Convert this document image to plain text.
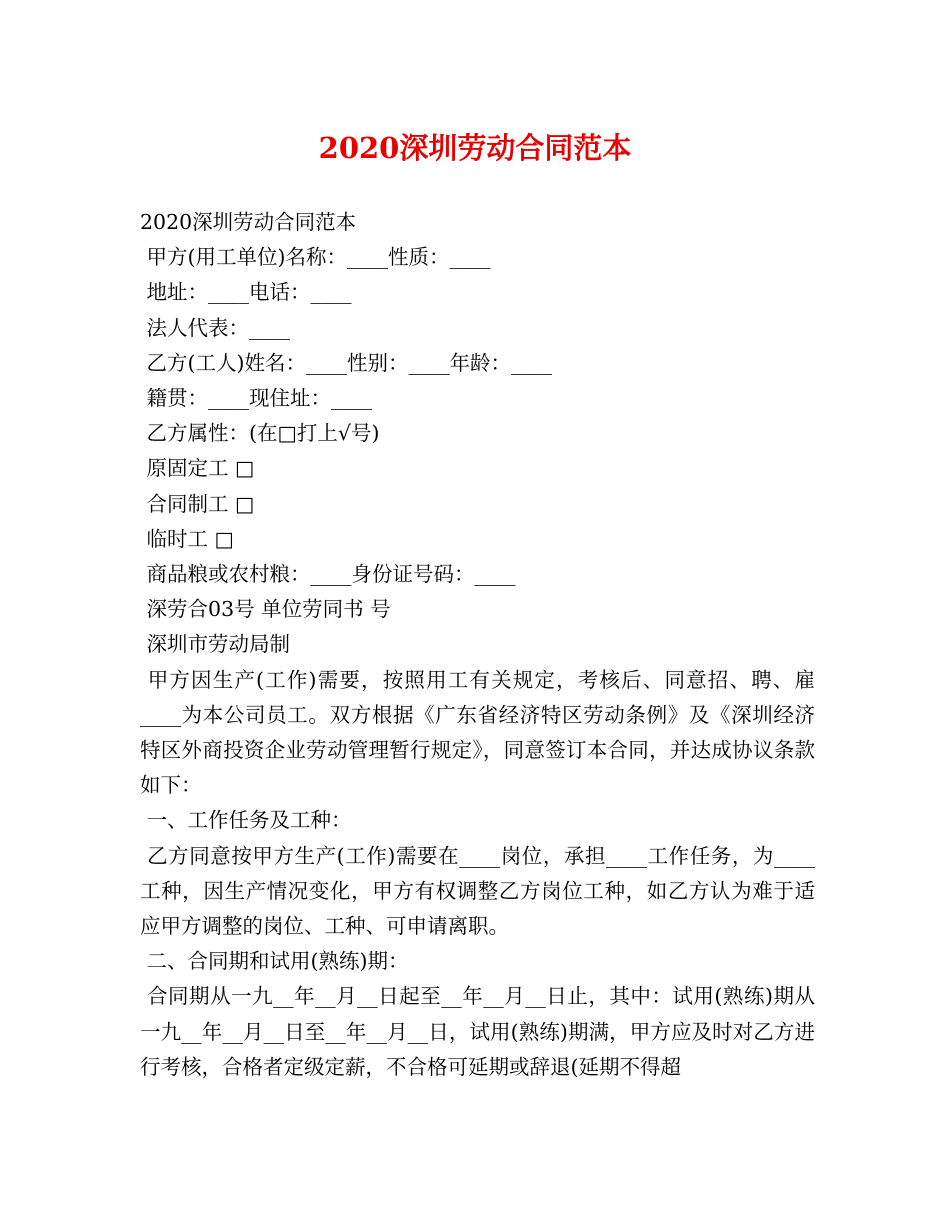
2020深圳劳动合同范本

2020深圳劳动合同范本

甲方(用工单位)名称：____性质：____

地址：____电话：____

法人代表：____

乙方(工人)姓名：____性别：____年龄：____

籍贯：____现住址：____

乙方属性：(在□打上√号)

原固定工 □

合同制工 □

临时工 □

商品粮或农村粮：____身份证号码：____

深劳合03号 单位劳同书 号

深圳市劳动局制

甲方因生产(工作)需要，按照用工有关规定，考核后、同意招、聘、雇____为本公司员工。双方根据《广东省经济特区劳动条例》及《深圳经济特区外商投资企业劳动管理暂行规定》，同意签订本合同，并达成协议条款如下：

一、工作任务及工种：

乙方同意按甲方生产(工作)需要在____岗位，承担____工作任务，为____工种，因生产情况变化，甲方有权调整乙方岗位工种，如乙方认为难于适应甲方调整的岗位、工种、可申请离职。

二、合同期和试用(熟练)期：

合同期从一九__年__月__日起至__年__月__日止，其中：试用(熟练)期从一九__年__月__日至__年__月__日，试用(熟练)期满，甲方应及时对乙方进行考核，合格者定级定薪，不合格可延期或辞退(延期不得超
